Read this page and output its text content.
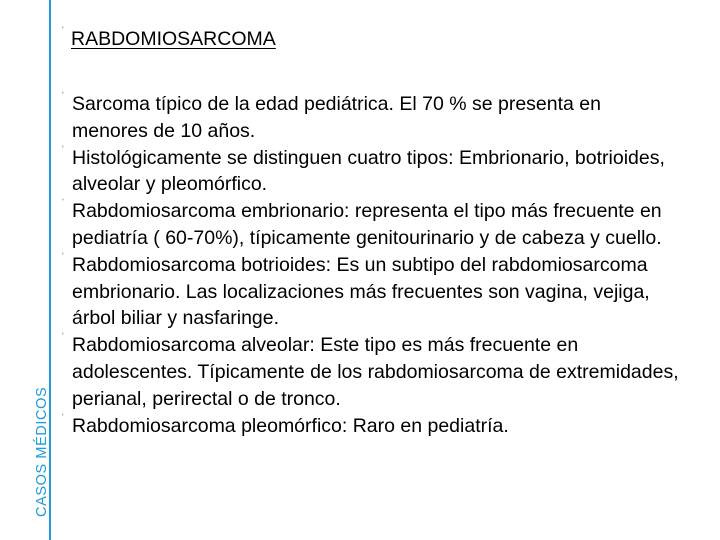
CASOS MÉDICOS
ʼ RABDOMIOSARCOMA
ʼ Sarcoma típico de la edad pediátrica. El 70 % se presenta en menores de 10 años.
ʼ Histológicamente se distinguen cuatro tipos: Embrionario, botrioides, alveolar y pleomórfico.
ʼ Rabdomiosarcoma embrionario: representa el tipo más frecuente en pediatría ( 60-70%), típicamente genitourinario y de cabeza y cuello.
ʼ Rabdomiosarcoma botrioides: Es un subtipo del rabdomiosarcoma embrionario. Las localizaciones más frecuentes son vagina, vejiga, árbol biliar y nasfaringe.
ʼ Rabdomiosarcoma alveolar: Este tipo es más frecuente en adolescentes. Típicamente de los rabdomiosarcoma de extremidades, perianal, perirectal o de tronco.
ʼ Rabdomiosarcoma pleomórfico: Raro en pediatría.
